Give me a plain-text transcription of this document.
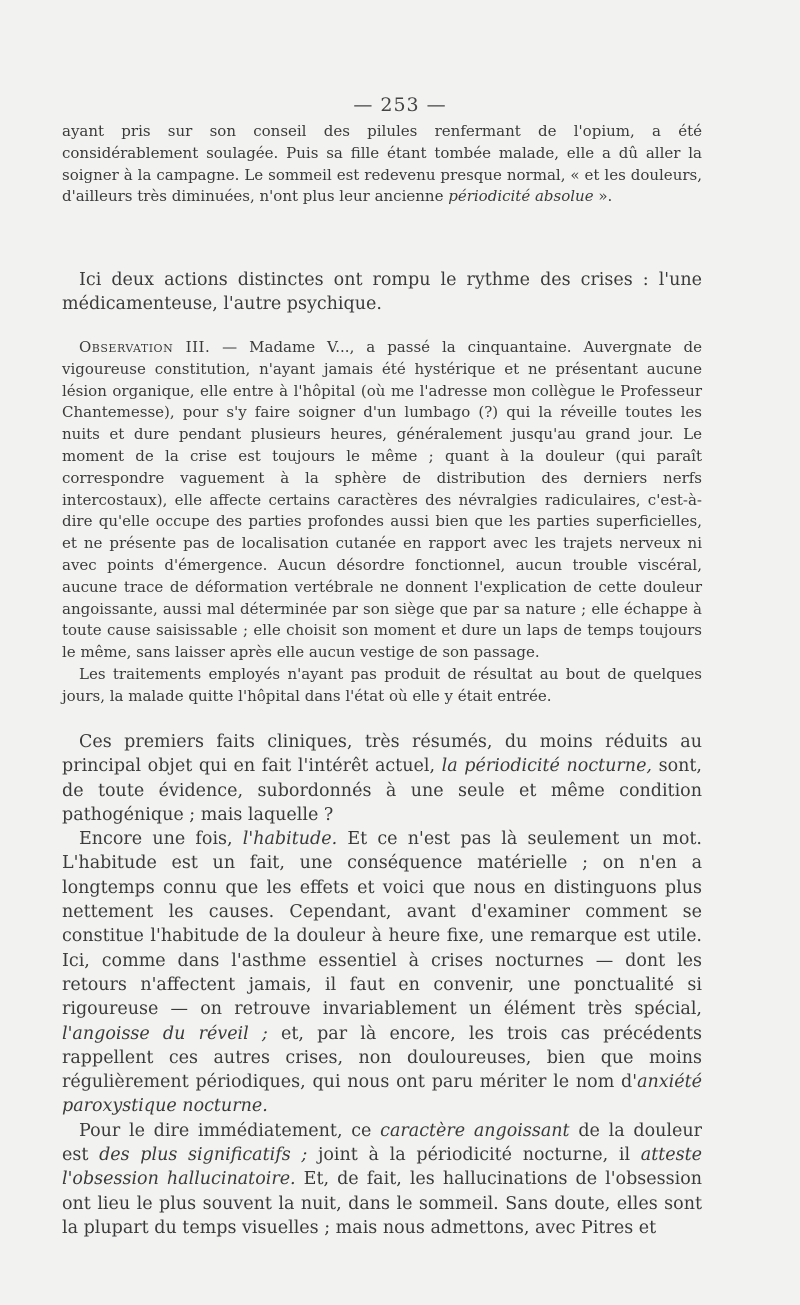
— 253 —

ayant pris sur son conseil des pilules renfermant de l'opium, a été considérablement soulagée. Puis sa fille étant tombée malade, elle a dû aller la soigner à la campagne. Le sommeil est redevenu presque normal, « et les douleurs, d'ailleurs très diminuées, n'ont plus leur ancienne périodicité absolue ».

Ici deux actions distinctes ont rompu le rythme des crises : l'une médicamenteuse, l'autre psychique.

Observation III. — Madame V..., a passé la cinquantaine. Auvergnate de vigoureuse constitution, n'ayant jamais été hystérique et ne présentant aucune lésion organique, elle entre à l'hôpital (où me l'adresse mon collègue le Professeur Chantemesse), pour s'y faire soigner d'un lumbago (?) qui la réveille toutes les nuits et dure pendant plusieurs heures, généralement jusqu'au grand jour. Le moment de la crise est toujours le même ; quant à la douleur (qui paraît correspondre vaguement à la sphère de distribution des derniers nerfs intercostaux), elle affecte certains caractères des névralgies radiculaires, c'est-à-dire qu'elle occupe des parties profondes aussi bien que les parties superficielles, et ne présente pas de localisation cutanée en rapport avec les trajets nerveux ni avec points d'émergence. Aucun désordre fonctionnel, aucun trouble viscéral, aucune trace de déformation vertébrale ne donnent l'explication de cette douleur angoissante, aussi mal déterminée par son siège que par sa nature ; elle échappe à toute cause saisissable ; elle choisit son moment et dure un laps de temps toujours le même, sans laisser après elle aucun vestige de son passage.

Les traitements employés n'ayant pas produit de résultat au bout de quelques jours, la malade quitte l'hôpital dans l'état où elle y était entrée.

Ces premiers faits cliniques, très résumés, du moins réduits au principal objet qui en fait l'intérêt actuel, la périodicité nocturne, sont, de toute évidence, subordonnés à une seule et même condition pathogénique ; mais laquelle ?

Encore une fois, l'habitude. Et ce n'est pas là seulement un mot. L'habitude est un fait, une conséquence matérielle ; on n'en a longtemps connu que les effets et voici que nous en distinguons plus nettement les causes. Cependant, avant d'examiner comment se constitue l'habitude de la douleur à heure fixe, une remarque est utile. Ici, comme dans l'asthme essentiel à crises nocturnes — dont les retours n'affectent jamais, il faut en convenir, une ponctualité si rigoureuse — on retrouve invariablement un élément très spécial, l'angoisse du réveil ; et, par là encore, les trois cas précédents rappellent ces autres crises, non douloureuses, bien que moins régulièrement périodiques, qui nous ont paru mériter le nom d'anxiété paroxystique nocturne.

Pour le dire immédiatement, ce caractère angoissant de la douleur est des plus significatifs ; joint à la périodicité nocturne, il atteste l'obsession hallucinatoire. Et, de fait, les hallucinations de l'obsession ont lieu le plus souvent la nuit, dans le sommeil. Sans doute, elles sont la plupart du temps visuelles ; mais nous admettons, avec Pitres et
